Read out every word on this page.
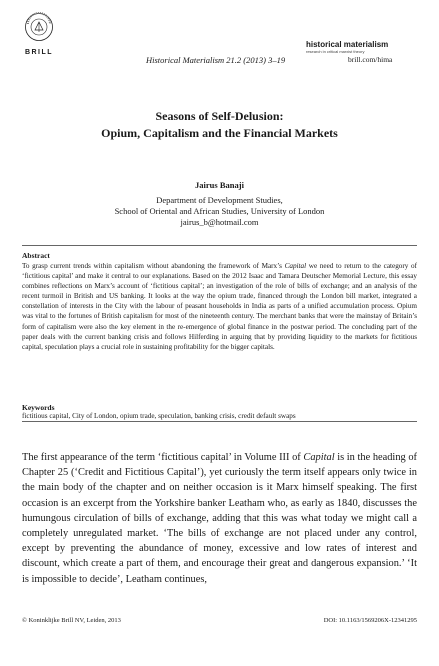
BRILL
Historical Materialism 21.2 (2013) 3–19
historical materialism
research in critical marxist theory
brill.com/hima
Seasons of Self-Delusion:
Opium, Capitalism and the Financial Markets
Jairus Banaji
Department of Development Studies,
School of Oriental and African Studies, University of London
jairus_b@hotmail.com
Abstract
To grasp current trends within capitalism without abandoning the framework of Marx’s Capital we need to return to the category of ‘fictitious capital’ and make it central to our explanations. Based on the 2012 Isaac and Tamara Deutscher Memorial Lecture, this essay combines reflections on Marx’s account of ‘fictitious capital’; an investigation of the role of bills of exchange; and an analysis of the recent turmoil in British and US banking. It looks at the way the opium trade, financed through the London bill market, integrated a constellation of interests in the City with the labour of peasant households in India as parts of a unified accumulation process. Opium was vital to the fortunes of British capitalism for most of the nineteenth century. The merchant banks that were the mainstay of Britain’s form of capitalism were also the key element in the re-emergence of global finance in the postwar period. The concluding part of the paper deals with the current banking crisis and follows Hilferding in arguing that by providing liquidity to the markets for fictitious capital, speculation plays a crucial role in sustaining profitability for the bigger capitals.
Keywords
fictitious capital, City of London, opium trade, speculation, banking crisis, credit default swaps
The first appearance of the term ‘fictitious capital’ in Volume III of Capital is in the heading of Chapter 25 (‘Credit and Fictitious Capital’), yet curiously the term itself appears only twice in the main body of the chapter and on neither occasion is it Marx himself speaking. The first occasion is an excerpt from the Yorkshire banker Leatham who, as early as 1840, discusses the humungous circulation of bills of exchange, adding that this was what today we might call a completely unregulated market. ‘The bills of exchange are not placed under any control, except by preventing the abundance of money, excessive and low rates of interest and discount, which create a part of them, and encourage their great and dangerous expansion.’ ‘It is impossible to decide’, Leatham continues,
© Koninklijke Brill NV, Leiden, 2013	DOI: 10.1163/1569206X-12341295
